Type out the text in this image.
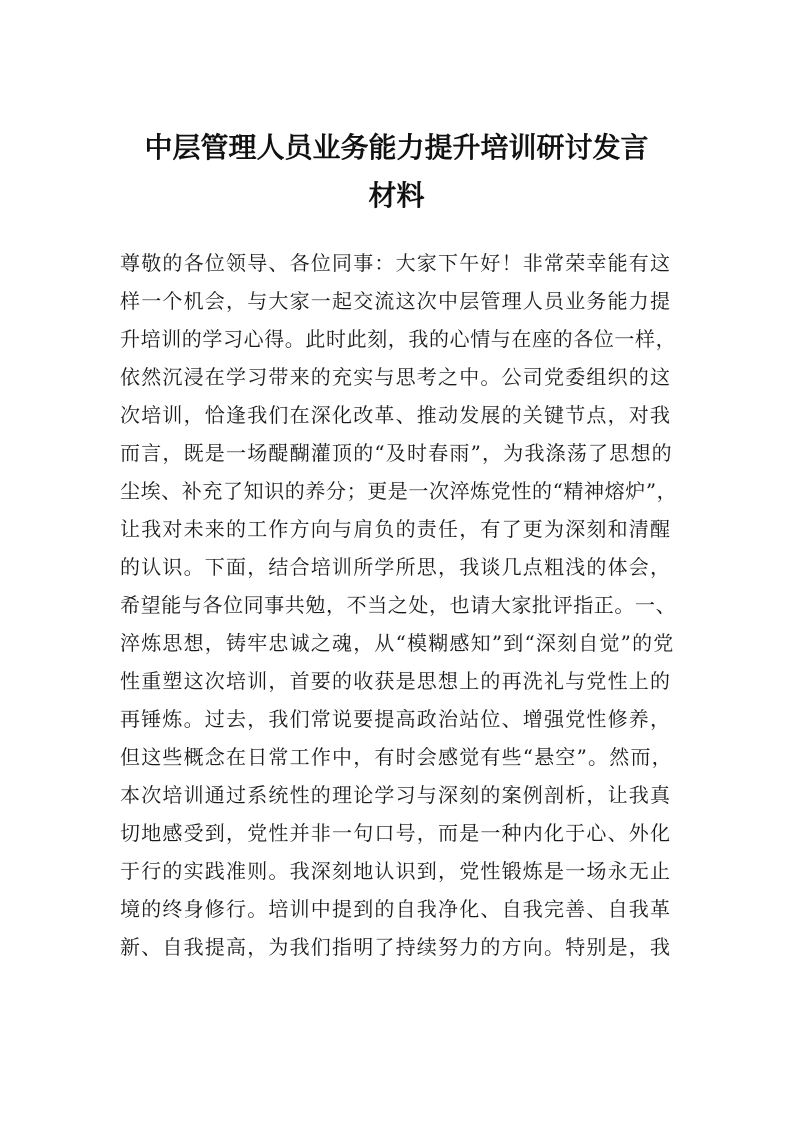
中层管理人员业务能力提升培训研讨发言
材料

尊敬的各位领导、各位同事：大家下午好！非常荣幸能有这

样一个机会，与大家一起交流这次中层管理人员业务能力提

升培训的学习心得。此时此刻，我的心情与在座的各位一样，

依然沉浸在学习带来的充实与思考之中。公司党委组织的这

次培训，恰逢我们在深化改革、推动发展的关键节点，对我

而言，既是一场醍醐灌顶的“及时春雨”，为我涤荡了思想的

尘埃、补充了知识的养分；更是一次淬炼党性的“精神熔炉”，

让我对未来的工作方向与肩负的责任，有了更为深刻和清醒

的认识。下面，结合培训所学所思，我谈几点粗浅的体会，

希望能与各位同事共勉，不当之处，也请大家批评指正。一、

淬炼思想，铸牢忠诚之魂，从“模糊感知”到“深刻自觉”的党

性重塑这次培训，首要的收获是思想上的再洗礼与党性上的

再锤炼。过去，我们常说要提高政治站位、增强党性修养，

但这些概念在日常工作中，有时会感觉有些“悬空”。然而，

本次培训通过系统性的理论学习与深刻的案例剖析，让我真

切地感受到，党性并非一句口号，而是一种内化于心、外化

于行的实践准则。我深刻地认识到，党性锻炼是一场永无止

境的终身修行。培训中提到的自我净化、自我完善、自我革

新、自我提高，为我们指明了持续努力的方向。特别是，我
